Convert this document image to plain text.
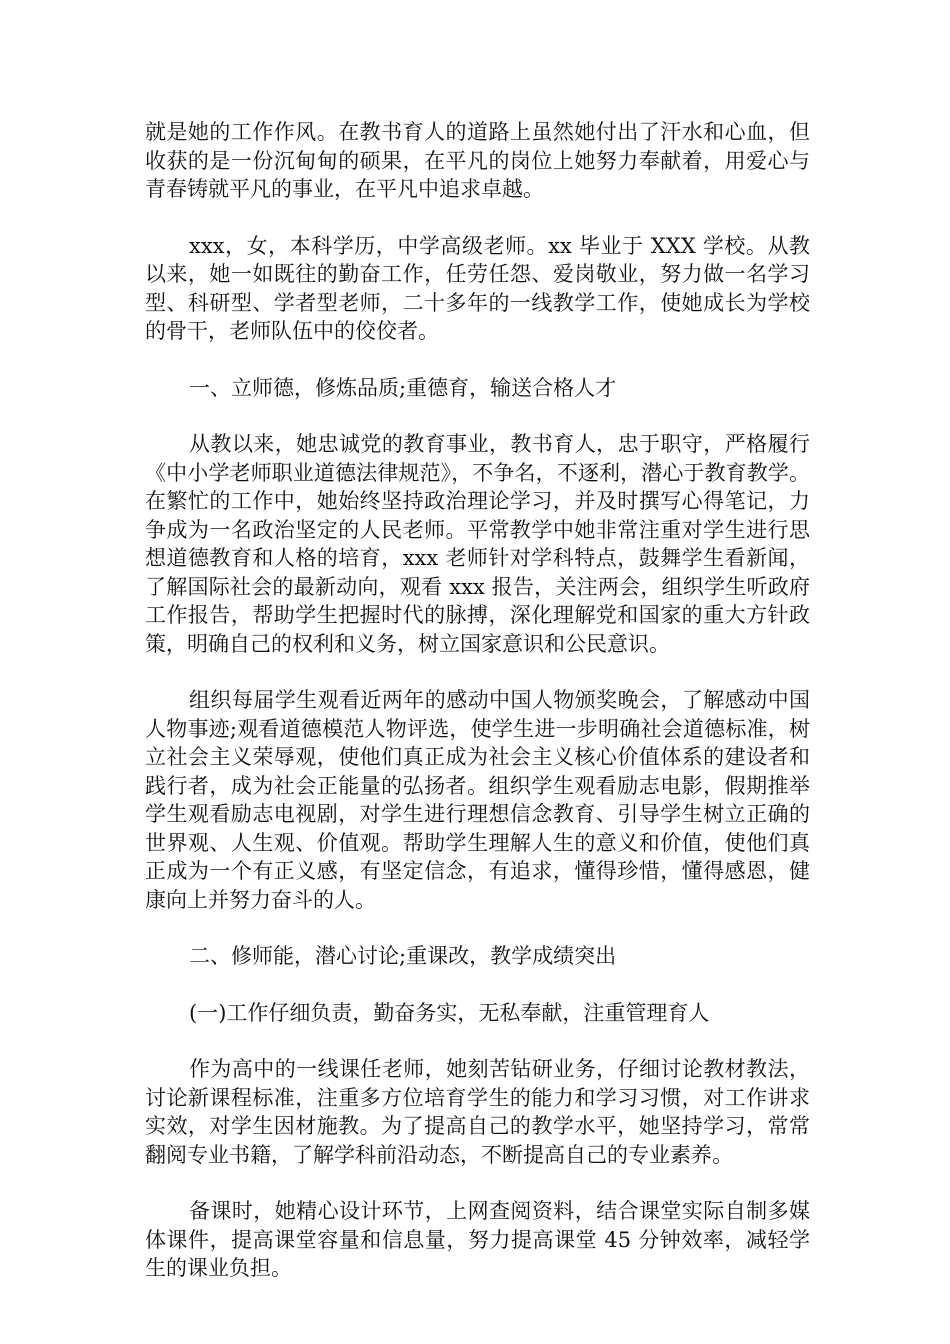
就是她的工作作风。在教书育人的道路上虽然她付出了汗水和心血，但收获的是一份沉甸甸的硕果，在平凡的岗位上她努力奉献着，用爱心与青春铸就平凡的事业，在平凡中追求卓越。

xxx，女，本科学历，中学高级老师。xx 毕业于 XXX 学校。从教以来，她一如既往的勤奋工作，任劳任怨、爱岗敬业，努力做一名学习型、科研型、学者型老师，二十多年的一线教学工作，使她成长为学校的骨干，老师队伍中的佼佼者。

一、立师德，修炼品质;重德育，输送合格人才

从教以来，她忠诚党的教育事业，教书育人，忠于职守，严格履行《中小学老师职业道德法律规范》，不争名，不逐利，潜心于教育教学。在繁忙的工作中，她始终坚持政治理论学习，并及时撰写心得笔记，力争成为一名政治坚定的人民老师。平常教学中她非常注重对学生进行思想道德教育和人格的培育，xxx 老师针对学科特点，鼓舞学生看新闻，了解国际社会的最新动向，观看 xxx 报告，关注两会，组织学生听政府工作报告，帮助学生把握时代的脉搏，深化理解党和国家的重大方针政策，明确自己的权利和义务，树立国家意识和公民意识。

组织每届学生观看近两年的感动中国人物颁奖晚会，了解感动中国人物事迹;观看道德模范人物评选，使学生进一步明确社会道德标准，树立社会主义荣辱观，使他们真正成为社会主义核心价值体系的建设者和践行者，成为社会正能量的弘扬者。组织学生观看励志电影，假期推举学生观看励志电视剧，对学生进行理想信念教育、引导学生树立正确的世界观、人生观、价值观。帮助学生理解人生的意义和价值，使他们真正成为一个有正义感，有坚定信念，有追求，懂得珍惜，懂得感恩，健康向上并努力奋斗的人。

二、修师能，潜心讨论;重课改，教学成绩突出

(一)工作仔细负责，勤奋务实，无私奉献，注重管理育人

作为高中的一线课任老师，她刻苦钻研业务，仔细讨论教材教法，讨论新课程标准，注重多方位培育学生的能力和学习习惯，对工作讲求实效，对学生因材施教。为了提高自己的教学水平，她坚持学习，常常翻阅专业书籍，了解学科前沿动态，不断提高自己的专业素养。

备课时，她精心设计环节，上网查阅资料，结合课堂实际自制多媒体课件，提高课堂容量和信息量，努力提高课堂 45 分钟效率，减轻学生的课业负担。
